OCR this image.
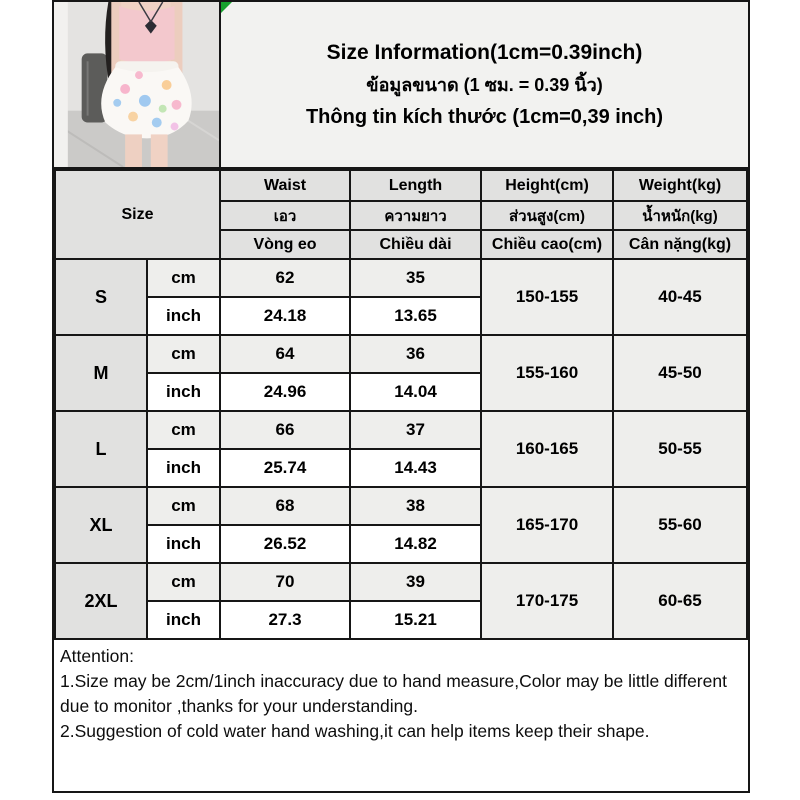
Size Information(1cm=0.39inch)
ข้อมูลขนาด (1 ซม. = 0.39 นิ้ว)
Thông tin kích thước (1cm=0,39 inch)
Size		Waist	Length	Height(cm)	Weight(kg)
		เอว	ความยาว	ส่วนสูง(cm)	น้ำหนัก(kg)
		Vòng eo	Chiều dài	Chiều cao(cm)	Cân nặng(kg)
S	cm	62	35	150-155	40-45
	inch	24.18	13.65		
M	cm	64	36	155-160	45-50
	inch	24.96	14.04		
L	cm	66	37	160-165	50-55
	inch	25.74	14.43		
XL	cm	68	38	165-170	55-60
	inch	26.52	14.82		
2XL	cm	70	39	170-175	60-65
	inch	27.3	15.21		
Attention:
1.Size may be 2cm/1inch inaccuracy due to hand measure,Color may be little different due to monitor ,thanks for your understanding.
2.Suggestion of cold water hand washing,it can help items keep their shape.
